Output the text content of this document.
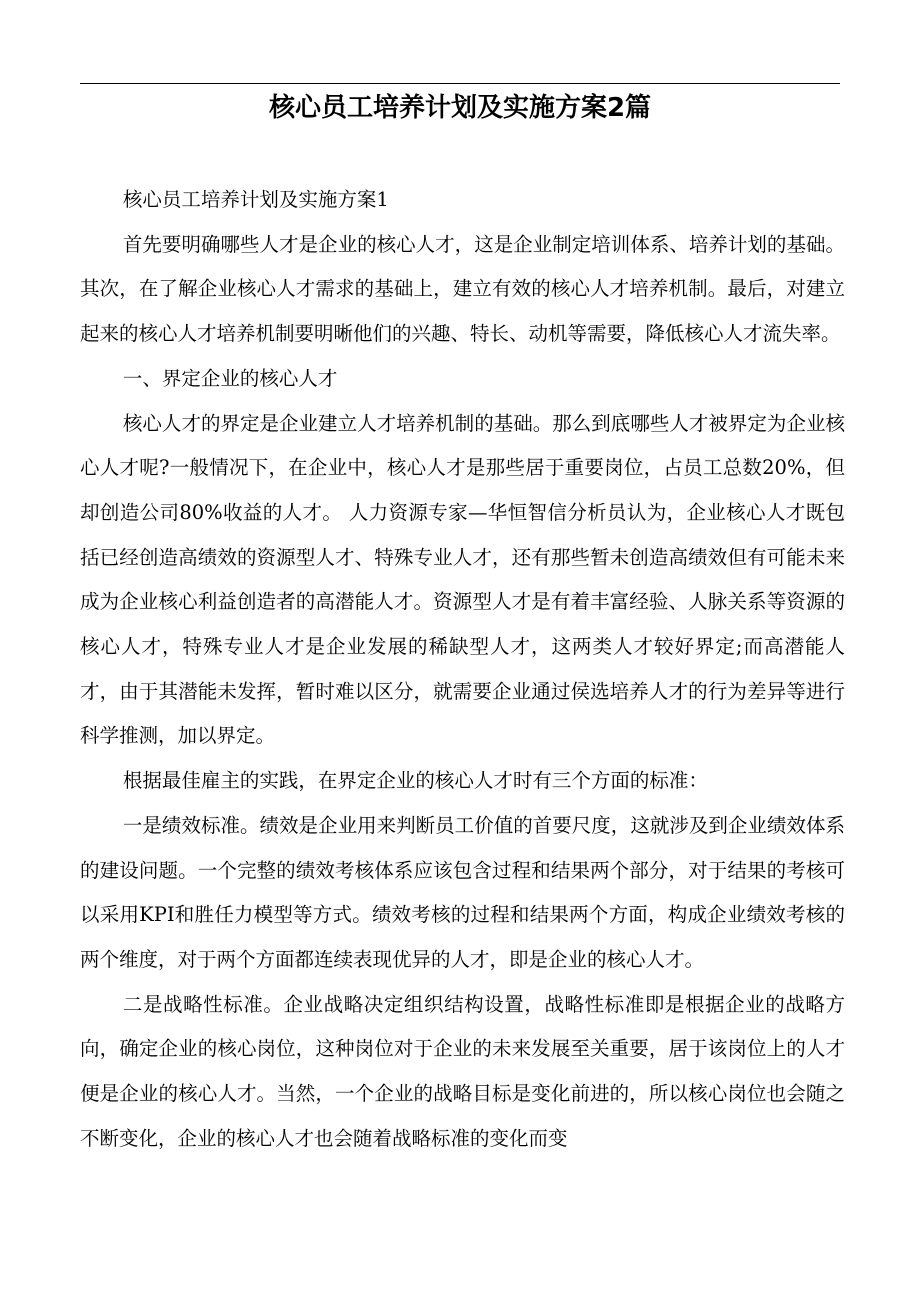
核心员工培养计划及实施方案2篇

核心员工培养计划及实施方案1

首先要明确哪些人才是企业的核心人才，这是企业制定培训体系、培养计划的基础。其次，在了解企业核心人才需求的基础上，建立有效的核心人才培养机制。最后，对建立起来的核心人才培养机制要明晰他们的兴趣、特长、动机等需要，降低核心人才流失率。

一、界定企业的核心人才

核心人才的界定是企业建立人才培养机制的基础。那么到底哪些人才被界定为企业核心人才呢?一般情况下，在企业中，核心人才是那些居于重要岗位，占员工总数20%，但却创造公司80%收益的人才。 人力资源专家—华恒智信分析员认为，企业核心人才既包括已经创造高绩效的资源型人才、特殊专业人才，还有那些暂未创造高绩效但有可能未来成为企业核心利益创造者的高潜能人才。资源型人才是有着丰富经验、人脉关系等资源的核心人才，特殊专业人才是企业发展的稀缺型人才，这两类人才较好界定;而高潜能人才，由于其潜能未发挥，暂时难以区分，就需要企业通过侯选培养人才的行为差异等进行科学推测，加以界定。

根据最佳雇主的实践，在界定企业的核心人才时有三个方面的标准：

一是绩效标准。绩效是企业用来判断员工价值的首要尺度，这就涉及到企业绩效体系的建设问题。一个完整的绩效考核体系应该包含过程和结果两个部分，对于结果的考核可以采用KPI和胜任力模型等方式。绩效考核的过程和结果两个方面，构成企业绩效考核的两个维度，对于两个方面都连续表现优异的人才，即是企业的核心人才。

二是战略性标准。企业战略决定组织结构设置，战略性标准即是根据企业的战略方向，确定企业的核心岗位，这种岗位对于企业的未来发展至关重要，居于该岗位上的人才便是企业的核心人才。当然，一个企业的战略目标是变化前进的，所以核心岗位也会随之不断变化，企业的核心人才也会随着战略标准的变化而变
